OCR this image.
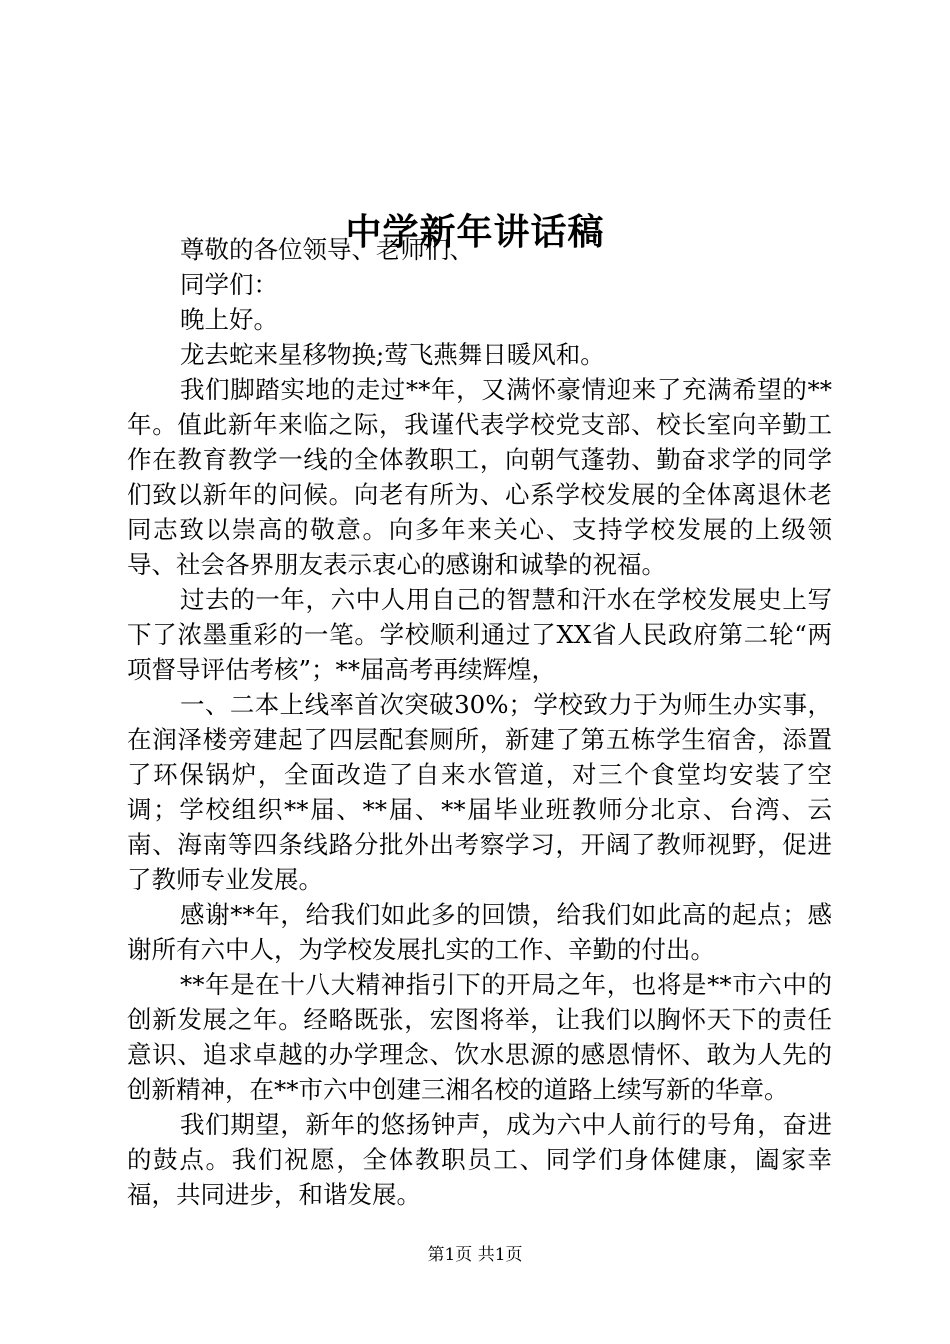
中学新年讲话稿

尊敬的各位领导、老师们、

同学们：

晚上好。

龙去蛇来星移物换;莺飞燕舞日暖风和。

我们脚踏实地的走过**年，又满怀豪情迎来了充满希望的**年。值此新年来临之际，我谨代表学校党支部、校长室向辛勤工作在教育教学一线的全体教职工，向朝气蓬勃、勤奋求学的同学们致以新年的问候。向老有所为、心系学校发展的全体离退休老同志致以崇高的敬意。向多年来关心、支持学校发展的上级领导、社会各界朋友表示衷心的感谢和诚挚的祝福。

过去的一年，六中人用自己的智慧和汗水在学校发展史上写下了浓墨重彩的一笔。学校顺利通过了XX省人民政府第二轮“两项督导评估考核”；**届高考再续辉煌，

一、二本上线率首次突破30%；学校致力于为师生办实事，在润泽楼旁建起了四层配套厕所，新建了第五栋学生宿舍，添置了环保锅炉，全面改造了自来水管道，对三个食堂均安装了空调；学校组织**届、**届、**届毕业班教师分北京、台湾、云南、海南等四条线路分批外出考察学习，开阔了教师视野，促进了教师专业发展。

感谢**年，给我们如此多的回馈，给我们如此高的起点；感谢所有六中人，为学校发展扎实的工作、辛勤的付出。

**年是在十八大精神指引下的开局之年，也将是**市六中的创新发展之年。经略既张，宏图将举，让我们以胸怀天下的责任意识、追求卓越的办学理念、饮水思源的感恩情怀、敢为人先的创新精神，在**市六中创建三湘名校的道路上续写新的华章。

我们期望，新年的悠扬钟声，成为六中人前行的号角，奋进的鼓点。我们祝愿，全体教职员工、同学们身体健康，阖家幸福，共同进步，和谐发展。

第1页 共1页
